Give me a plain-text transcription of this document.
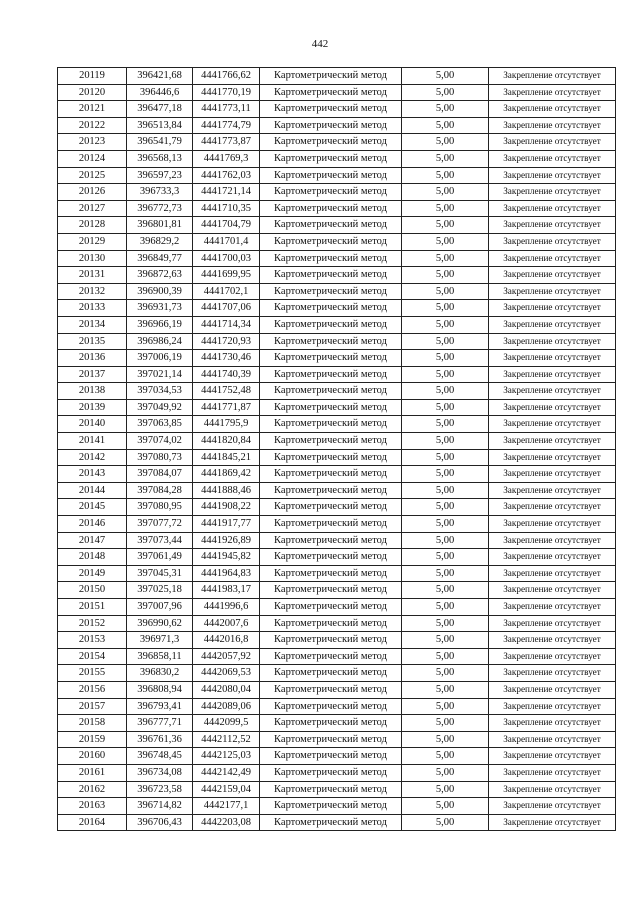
442
20119	396421,68	4441766,62	Картометрический метод	5,00	Закрепление отсутствует
20120	396446,6	4441770,19	Картометрический метод	5,00	Закрепление отсутствует
20121	396477,18	4441773,11	Картометрический метод	5,00	Закрепление отсутствует
20122	396513,84	4441774,79	Картометрический метод	5,00	Закрепление отсутствует
20123	396541,79	4441773,87	Картометрический метод	5,00	Закрепление отсутствует
20124	396568,13	4441769,3	Картометрический метод	5,00	Закрепление отсутствует
20125	396597,23	4441762,03	Картометрический метод	5,00	Закрепление отсутствует
20126	396733,3	4441721,14	Картометрический метод	5,00	Закрепление отсутствует
20127	396772,73	4441710,35	Картометрический метод	5,00	Закрепление отсутствует
20128	396801,81	4441704,79	Картометрический метод	5,00	Закрепление отсутствует
20129	396829,2	4441701,4	Картометрический метод	5,00	Закрепление отсутствует
20130	396849,77	4441700,03	Картометрический метод	5,00	Закрепление отсутствует
20131	396872,63	4441699,95	Картометрический метод	5,00	Закрепление отсутствует
20132	396900,39	4441702,1	Картометрический метод	5,00	Закрепление отсутствует
20133	396931,73	4441707,06	Картометрический метод	5,00	Закрепление отсутствует
20134	396966,19	4441714,34	Картометрический метод	5,00	Закрепление отсутствует
20135	396986,24	4441720,93	Картометрический метод	5,00	Закрепление отсутствует
20136	397006,19	4441730,46	Картометрический метод	5,00	Закрепление отсутствует
20137	397021,14	4441740,39	Картометрический метод	5,00	Закрепление отсутствует
20138	397034,53	4441752,48	Картометрический метод	5,00	Закрепление отсутствует
20139	397049,92	4441771,87	Картометрический метод	5,00	Закрепление отсутствует
20140	397063,85	4441795,9	Картометрический метод	5,00	Закрепление отсутствует
20141	397074,02	4441820,84	Картометрический метод	5,00	Закрепление отсутствует
20142	397080,73	4441845,21	Картометрический метод	5,00	Закрепление отсутствует
20143	397084,07	4441869,42	Картометрический метод	5,00	Закрепление отсутствует
20144	397084,28	4441888,46	Картометрический метод	5,00	Закрепление отсутствует
20145	397080,95	4441908,22	Картометрический метод	5,00	Закрепление отсутствует
20146	397077,72	4441917,77	Картометрический метод	5,00	Закрепление отсутствует
20147	397073,44	4441926,89	Картометрический метод	5,00	Закрепление отсутствует
20148	397061,49	4441945,82	Картометрический метод	5,00	Закрепление отсутствует
20149	397045,31	4441964,83	Картометрический метод	5,00	Закрепление отсутствует
20150	397025,18	4441983,17	Картометрический метод	5,00	Закрепление отсутствует
20151	397007,96	4441996,6	Картометрический метод	5,00	Закрепление отсутствует
20152	396990,62	4442007,6	Картометрический метод	5,00	Закрепление отсутствует
20153	396971,3	4442016,8	Картометрический метод	5,00	Закрепление отсутствует
20154	396858,11	4442057,92	Картометрический метод	5,00	Закрепление отсутствует
20155	396830,2	4442069,53	Картометрический метод	5,00	Закрепление отсутствует
20156	396808,94	4442080,04	Картометрический метод	5,00	Закрепление отсутствует
20157	396793,41	4442089,06	Картометрический метод	5,00	Закрепление отсутствует
20158	396777,71	4442099,5	Картометрический метод	5,00	Закрепление отсутствует
20159	396761,36	4442112,52	Картометрический метод	5,00	Закрепление отсутствует
20160	396748,45	4442125,03	Картометрический метод	5,00	Закрепление отсутствует
20161	396734,08	4442142,49	Картометрический метод	5,00	Закрепление отсутствует
20162	396723,58	4442159,04	Картометрический метод	5,00	Закрепление отсутствует
20163	396714,82	4442177,1	Картометрический метод	5,00	Закрепление отсутствует
20164	396706,43	4442203,08	Картометрический метод	5,00	Закрепление отсутствует
